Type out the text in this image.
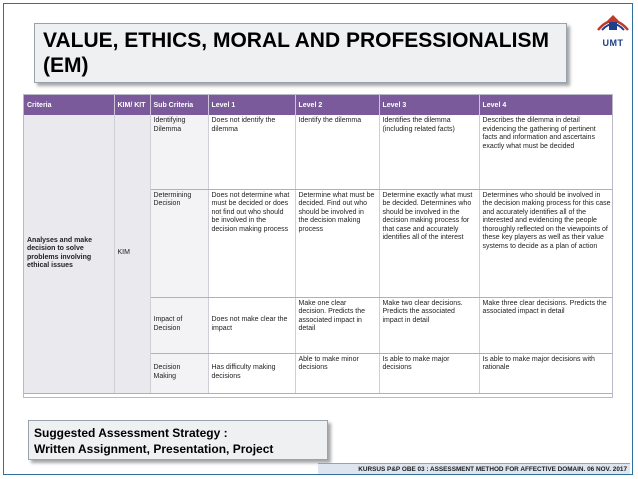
VALUE, ETHICS, MORAL AND PROFESSIONALISM
(EM)
UMT
Criteria	KIM/ KIT	Sub Criteria	Level 1	Level 2	Level 3	Level 4
Analyses and make decision to solve problems involving ethical issues	KIM	Identifying Dilemma	Does not identify the dilemma	Identify the dilemma	Identifies the dilemma (including related facts)	Describes the dilemma in detail evidencing the gathering of pertinent facts and information and ascertains exactly what must be decided
		Determining Decision	Does not determine what must be decided or does not find out who should be involved in the decision making process	Determine what must be decided. Find out who should be involved in the decision making process	Determine exactly what must be decided. Determines who should be involved in the decision making process for that case and accurately identifies all of the interest	Determines who should be involved in the decision making process for this case and accurately identifies all of the interested and evidencing the people thoroughly reflected on the viewpoints of these key players as well as their value systems to decide as a plan of action
		Impact of Decision	Does not make clear the impact	Make one clear decision. Predicts the associated impact in detail	Make two clear decisions. Predicts the associated impact in detail	Make three clear decisions. Predicts the associated impact in detail
		Decision Making	Has difficulty making decisions	Able to make minor decisions	Is able to make major decisions	Is able to make major decisions with rationale
Suggested Assessment Strategy :
Written Assignment, Presentation, Project
KURSUS P&P OBE 03 : ASSESSMENT METHOD FOR AFFECTIVE DOMAIN. 06 NOV. 2017
